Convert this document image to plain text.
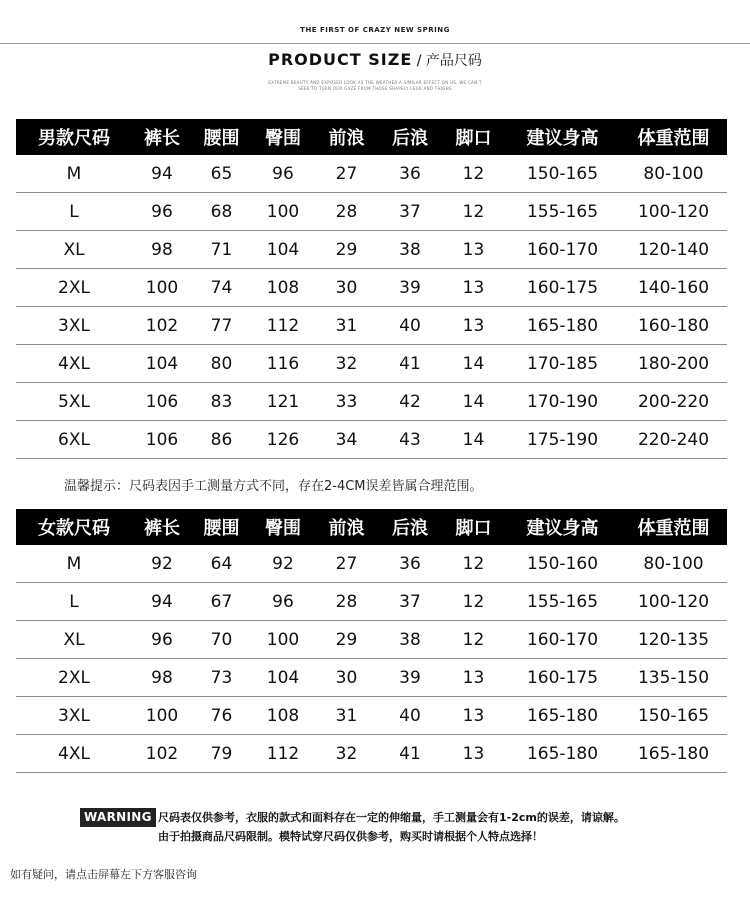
THE FIRST OF CRAZY NEW SPRING
PRODUCT SIZE / 产品尺码
EXTREME BEAUTY AND EXPOSED LOOK AS THE WEATHER A SIMILAR EFFECT ON US. WE CAN T
SEEK TO TURN OUR GAZE FROM THOSE SHAPELY LEGS AND THIGHS
男款尺码	裤长	腰围	臀围	前浪	后浪	脚口	建议身高	体重范围
M	94	65	96	27	36	12	150-165	80-100
L	96	68	100	28	37	12	155-165	100-120
XL	98	71	104	29	38	13	160-170	120-140
2XL	100	74	108	30	39	13	160-175	140-160
3XL	102	77	112	31	40	13	165-180	160-180
4XL	104	80	116	32	41	14	170-185	180-200
5XL	106	83	121	33	42	14	170-190	200-220
6XL	106	86	126	34	43	14	175-190	220-240
温馨提示：尺码表因手工测量方式不同，存在2-4CM误差皆属合理范围。
女款尺码	裤长	腰围	臀围	前浪	后浪	脚口	建议身高	体重范围
M	92	64	92	27	36	12	150-160	80-100
L	94	67	96	28	37	12	155-165	100-120
XL	96	70	100	29	38	12	160-170	120-135
2XL	98	73	104	30	39	13	160-175	135-150
3XL	100	76	108	31	40	13	165-180	150-165
4XL	102	79	112	32	41	13	165-180	165-180
WARNING 尺码表仅供参考，衣服的款式和面料存在一定的伸缩量，手工测量会有1-2cm的误差，请谅解。
由于拍摄商品尺码限制。模特试穿尺码仅供参考，购买时请根据个人特点选择！
如有疑问，请点击屏幕左下方客服咨询
